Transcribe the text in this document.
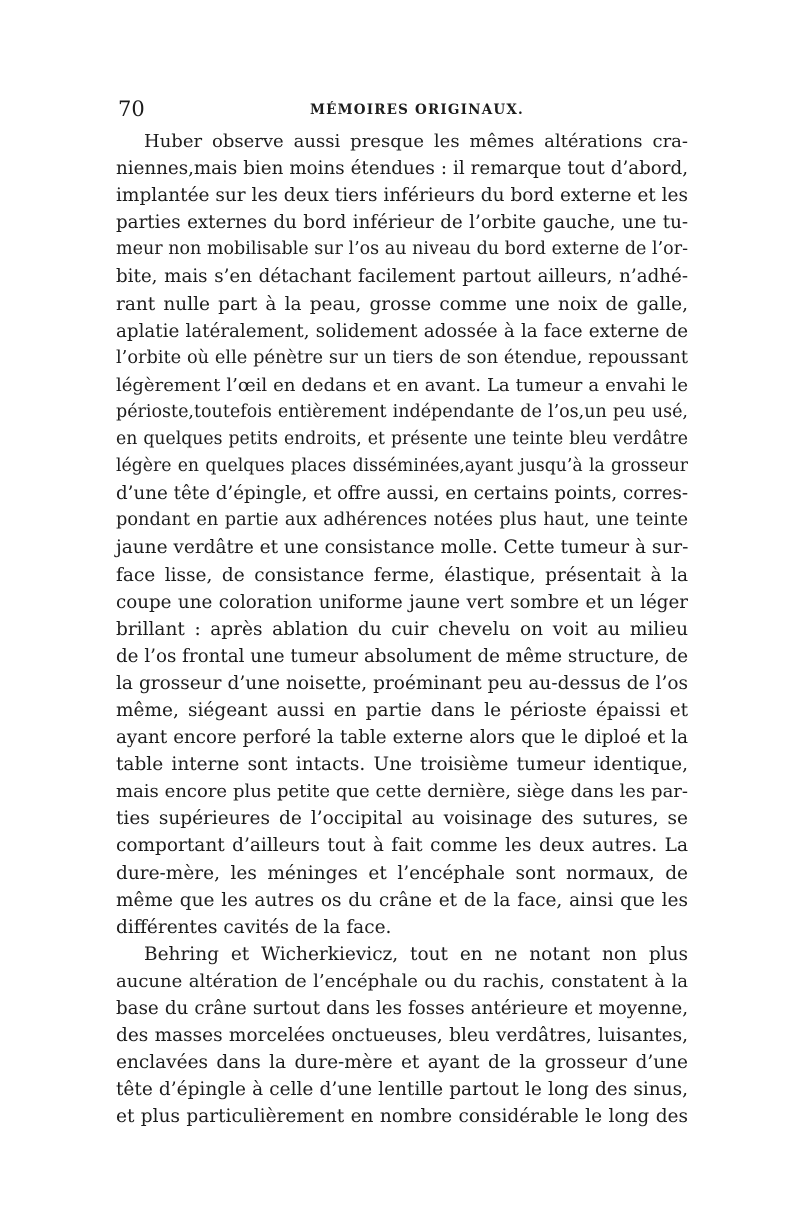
70	MÉMOIRES ORIGINAUX.
Huber observe aussi presque les mêmes altérations cra-
niennes,mais bien moins étendues : il remarque tout d’abord,
implantée sur les deux tiers inférieurs du bord externe et les
parties externes du bord inférieur de l’orbite gauche, une tu-
meur non mobilisable sur l’os au niveau du bord externe de l’or-
bite, mais s’en détachant facilement partout ailleurs, n’adhé-
rant nulle part à la peau, grosse comme une noix de galle,
aplatie latéralement, solidement adossée à la face externe de
l’orbite où elle pénètre sur un tiers de son étendue, repoussant
légèrement l’œil en dedans et en avant. La tumeur a envahi le
périoste,toutefois entièrement indépendante de l’os,un peu usé,
en quelques petits endroits, et présente une teinte bleu verdâtre
légère en quelques places disséminées,ayant jusqu’à la grosseur
d’une tête d’épingle, et offre aussi, en certains points, corres-
pondant en partie aux adhérences notées plus haut, une teinte
jaune verdâtre et une consistance molle. Cette tumeur à sur-
face lisse, de consistance ferme, élastique, présentait à la
coupe une coloration uniforme jaune vert sombre et un léger
brillant : après ablation du cuir chevelu on voit au milieu
de l’os frontal une tumeur absolument de même structure, de
la grosseur d’une noisette, proéminant peu au-dessus de l’os
même, siégeant aussi en partie dans le périoste épaissi et
ayant encore perforé la table externe alors que le diploé et la
table interne sont intacts. Une troisième tumeur identique,
mais encore plus petite que cette dernière, siège dans les par-
ties supérieures de l’occipital au voisinage des sutures, se
comportant d’ailleurs tout à fait comme les deux autres. La
dure-mère, les méninges et l’encéphale sont normaux, de
même que les autres os du crâne et de la face, ainsi que les
différentes cavités de la face.
Behring et Wicherkievicz, tout en ne notant non plus
aucune altération de l’encéphale ou du rachis, constatent à la
base du crâne surtout dans les fosses antérieure et moyenne,
des masses morcelées onctueuses, bleu verdâtres, luisantes,
enclavées dans la dure-mère et ayant de la grosseur d’une
tête d’épingle à celle d’une lentille partout le long des sinus,
et plus particulièrement en nombre considérable le long des
